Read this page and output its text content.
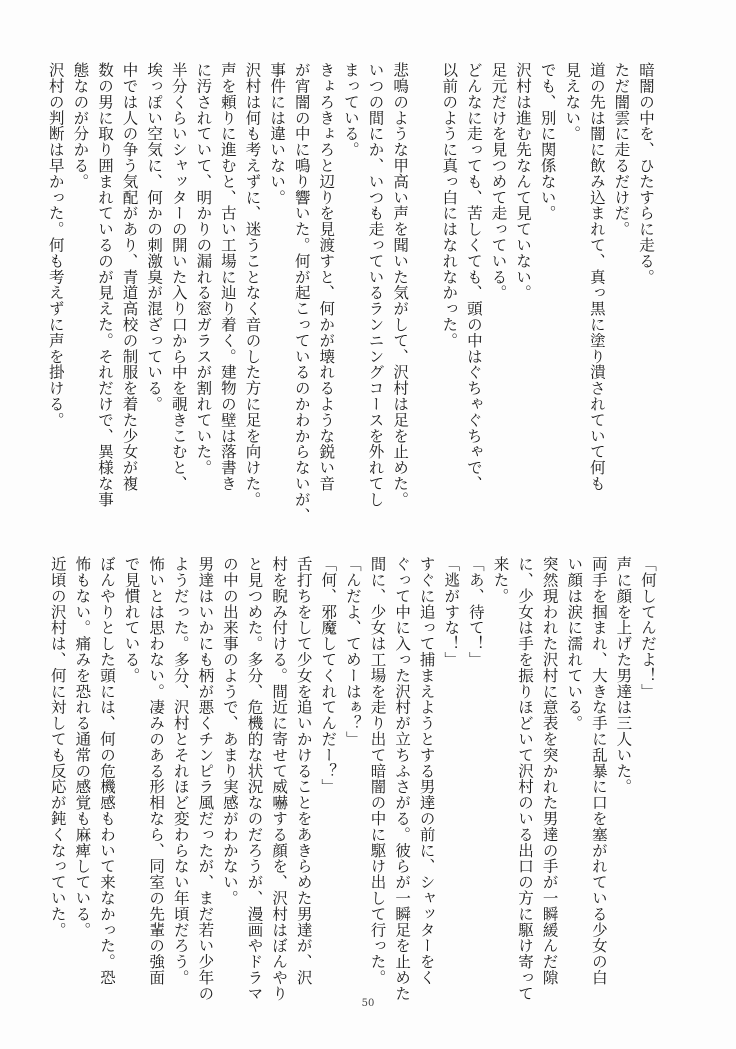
暗闇の中を、ひたすらに走る。

ただ闇雲に走るだけだ。

道の先は闇に飲み込まれて、真っ黒に塗り潰されていて何も

見えない。

でも、別に関係ない。

沢村は進む先なんて見ていない。

足元だけを見つめて走っている。

どんなに走っても、苦しくても、頭の中はぐちゃぐちゃで、

以前のように真っ白にはなれなかった。

悲鳴のような甲高い声を聞いた気がして、沢村は足を止めた。

いつの間にか、いつも走っているランニングコースを外れてし

まっている。

きょろきょろと辺りを見渡すと、何かが壊れるような鋭い音

が宵闇の中に鳴り響いた。何が起こっているのかわからないが、

事件には違いない。

沢村は何も考えずに、迷うことなく音のした方に足を向けた。

声を頼りに進むと、古い工場に辿り着く。建物の壁は落書き

に汚されていて、明かりの漏れる窓ガラスが割れていた。

半分くらいシャッターの開いた入り口から中を覗きこむと、

埃っぽい空気に、何かの刺激臭が混ざっている。

中では人の争う気配があり、青道高校の制服を着た少女が複

数の男に取り囲まれているのが見えた。それだけで、異様な事

態なのが分かる。

沢村の判断は早かった。何も考えずに声を掛ける。

「何してんだよ！」

声に顔を上げた男達は三人いた。

両手を掴まれ、大きな手に乱暴に口を塞がれている少女の白

い顔は涙に濡れている。

突然現われた沢村に意表を突かれた男達の手が一瞬緩んだ隙

に、少女は手を振りほどいて沢村のいる出口の方に駆け寄って

来た。

「あ、待て！」

「逃がすな！」

すぐに追って捕まえようとする男達の前に、シャッターをく

ぐって中に入った沢村が立ちふさがる。彼らが一瞬足を止めた

間に、少女は工場を走り出て暗闇の中に駆け出して行った。

「んだよ、てめーはぁ？」

「何、邪魔してくれてんだー？」

舌打ちをして少女を追いかけることをあきらめた男達が、沢

村を睨み付ける。間近に寄せて威嚇する顔を、沢村はぼんやり

と見つめた。多分、危機的な状況なのだろうが、漫画やドラマ

の中の出来事のようで、あまり実感がわかない。

男達はいかにも柄が悪くチンピラ風だったが、まだ若い少年の

ようだった。多分、沢村とそれほど変わらない年頃だろう。

怖いとは思わない。凄みのある形相なら、同室の先輩の強面

で見慣れている。

ぼんやりとした頭には、何の危機感もわいて来なかった。恐

怖もない。痛みを恐れる通常の感覚も麻痺している。

近頃の沢村は、何に対しても反応が鈍くなっていた。

50
